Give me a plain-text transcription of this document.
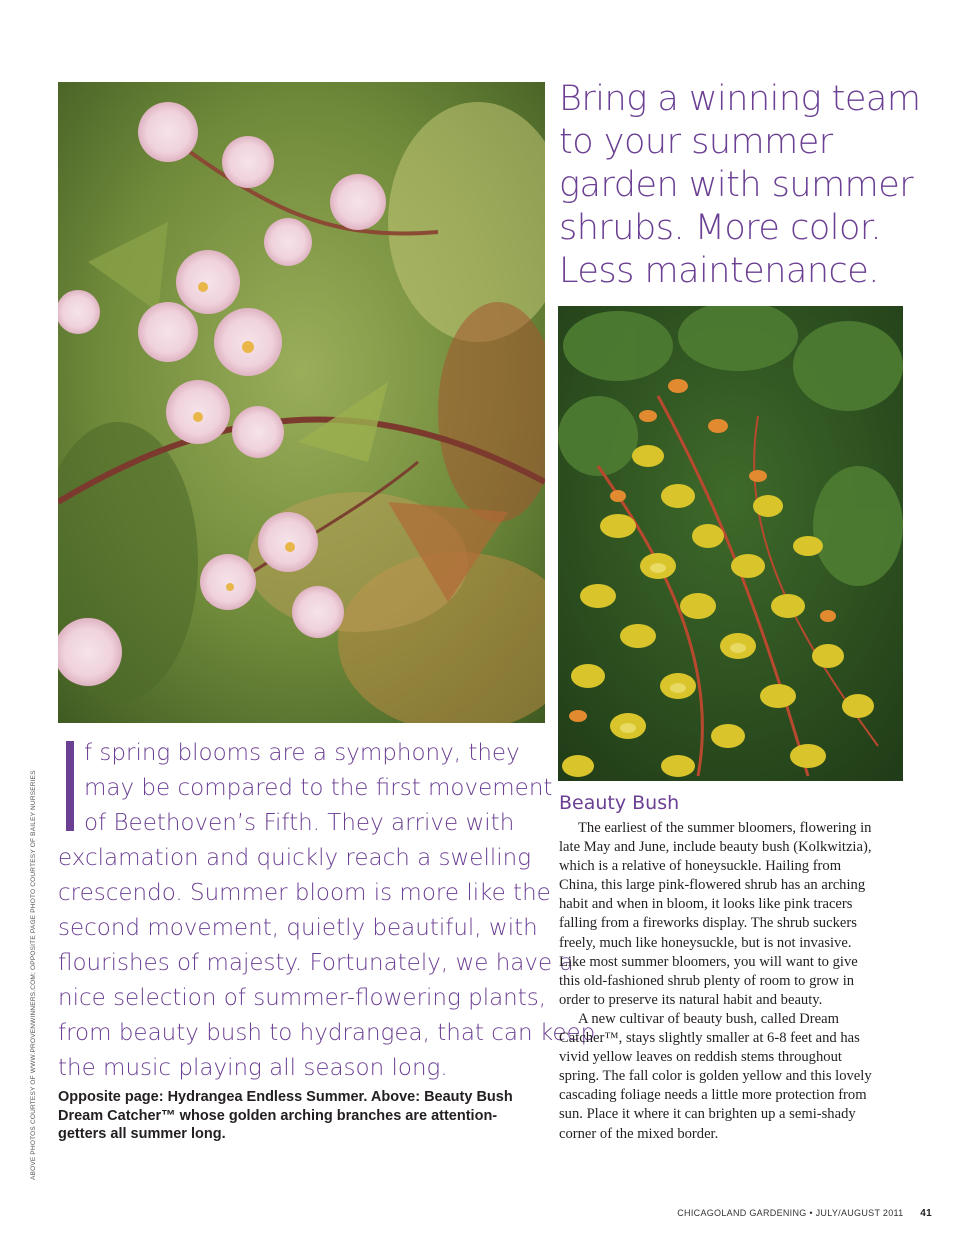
Bring a winning team
to your summer
garden with summer
shrubs. More color.
Less maintenance.
ABOVE PHOTOS COURTESY OF WWW.PROVENWINNERS.COM; OPPOSITE PAGE PHOTO COURTESY OF BAILEY NURSERIES
f spring blooms are a symphony, they
may be compared to the first movement
of Beethoven’s Fifth. They arrive with
exclamation and quickly reach a swelling
crescendo. Summer bloom is more like the
second movement, quietly beautiful, with
flourishes of majesty. Fortunately, we have a
nice selection of summer-flowering plants,
from beauty bush to hydrangea, that can keep
the music playing all season long.
Opposite page: Hydrangea Endless Summer. Above: Beauty Bush
Dream Catcher™ whose golden arching branches are attention-
getters all summer long.
Beauty Bush
The earliest of the summer bloomers, flowering in
late May and June, include beauty bush (Kolkwitzia),
which is a relative of honeysuckle. Hailing from
China, this large pink-flowered shrub has an arching
habit and when in bloom, it looks like pink tracers
falling from a fireworks display. The shrub suckers
freely, much like honeysuckle, but is not invasive.
Like most summer bloomers, you will want to give
this old-fashioned shrub plenty of room to grow in
order to preserve its natural habit and beauty.
A new cultivar of beauty bush, called Dream
Catcher™, stays slightly smaller at 6-8 feet and has
vivid yellow leaves on reddish stems throughout
spring. The fall color is golden yellow and this lovely
cascading foliage needs a little more protection from
sun. Place it where it can brighten up a semi-shady
corner of the mixed border.
CHICAGOLAND GARDENING • JULY/AUGUST 2011 41
